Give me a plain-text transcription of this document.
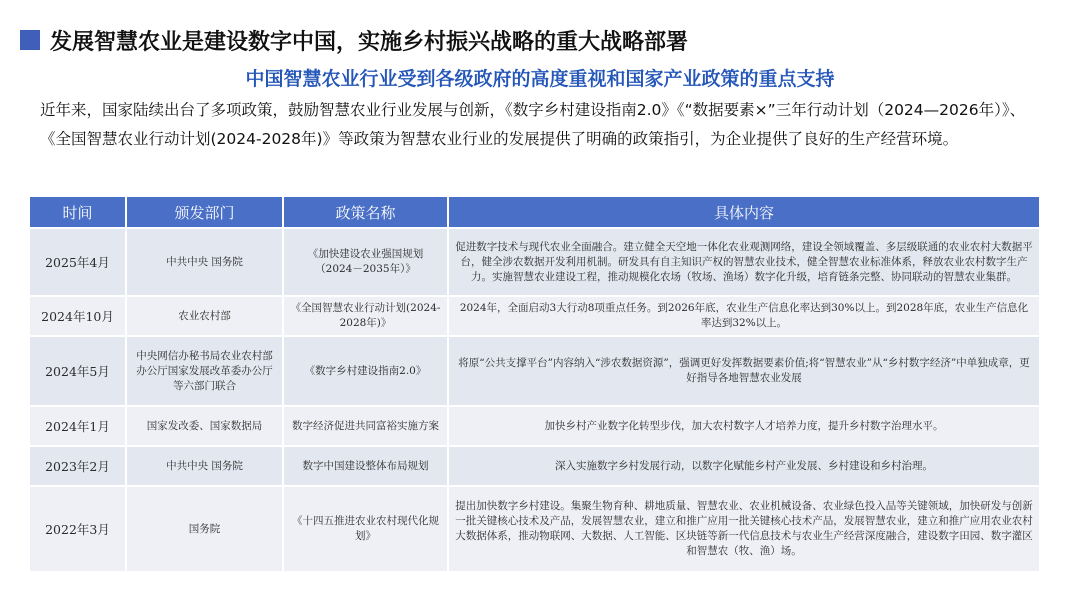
发展智慧农业是建设数字中国，实施乡村振兴战略的重大战略部署
中国智慧农业行业受到各级政府的高度重视和国家产业政策的重点支持
近年来，国家陆续出台了多项政策，鼓励智慧农业行业发展与创新，《数字乡村建设指南2.0》《“数据要素×”三年行动计划（2024—2026年）》、《全国智慧农业行动计划(2024-2028年)》等政策为智慧农业行业的发展提供了明确的政策指引，为企业提供了良好的生产经营环境。
时间	颁发部门	政策名称	具体内容
2025年4月	中共中央 国务院	《加快建设农业强国规划（2024－2035年）》	促进数字技术与现代农业全面融合。建立健全天空地一体化农业观测网络，建设全领域覆盖、多层级联通的农业农村大数据平台，健全涉农数据开发利用机制。研发具有自主知识产权的智慧农业技术，健全智慧农业标准体系，释放农业农村数字生产力。实施智慧农业建设工程，推动规模化农场（牧场、渔场）数字化升级，培育链条完整、协同联动的智慧农业集群。
2024年10月	农业农村部	《全国智慧农业行动计划(2024-2028年)》	2024年，全面启动3大行动8项重点任务。到2026年底，农业生产信息化率达到30%以上。到2028年底，农业生产信息化率达到32%以上。
2024年5月	中央网信办秘书局农业农村部办公厅国家发展改革委办公厅等六部门联合	《数字乡村建设指南2.0》	将原“公共支撑平台”内容纳入“涉农数据资源”，强调更好发挥数据要素价值;将“智慧农业”从“乡村数字经济”中单独成章，更好指导各地智慧农业发展
2024年1月	国家发改委、国家数据局	数字经济促进共同富裕实施方案	加快乡村产业数字化转型步伐，加大农村数字人才培养力度，提升乡村数字治理水平。
2023年2月	中共中央 国务院	数字中国建设整体布局规划	深入实施数字乡村发展行动，以数字化赋能乡村产业发展、乡村建设和乡村治理。
2022年3月	国务院	《十四五推进农业农村现代化规划》	提出加快数字乡村建设。集聚生物育种、耕地质量、智慧农业、农业机械设备、农业绿色投入品等关键领域，加快研发与创新一批关键核心技术及产品，发展智慧农业，建立和推广应用一批关键核心技术产品，发展智慧农业，建立和推广应用农业农村大数据体系，推动物联网、大数据、人工智能、区块链等新一代信息技术与农业生产经营深度融合，建设数字田园、数字灌区和智慧农（牧、渔）场。
